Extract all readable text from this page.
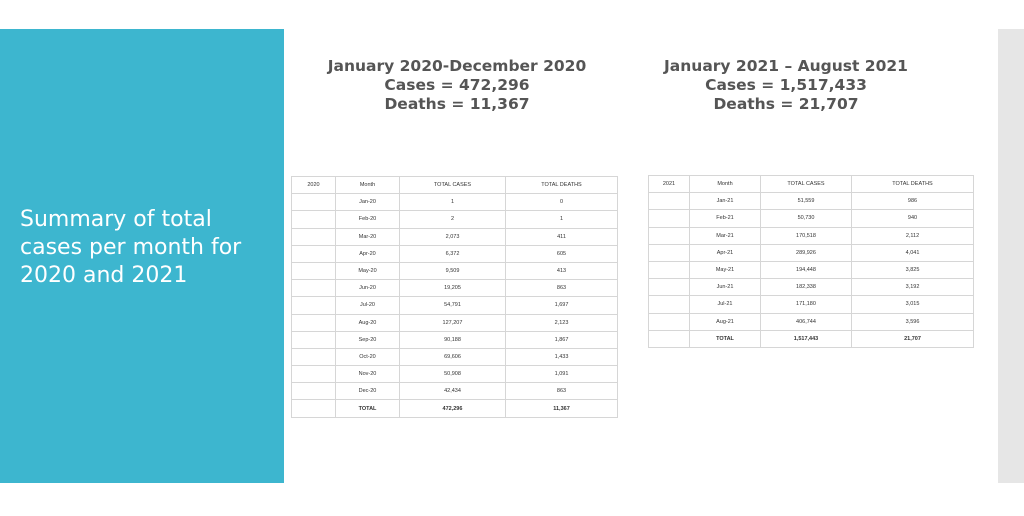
Summary of total
cases per month for
2020 and 2021
January 2020-December 2020
Cases = 472,296
Deaths = 11,367
January 2021 – August 2021
Cases = 1,517,433
Deaths = 21,707
2020	Month	TOTAL CASES	TOTAL DEATHS
	Jan-20	1	0
	Feb-20	2	1
	Mar-20	2,073	411
	Apr-20	6,372	605
	May-20	9,509	413
	Jun-20	19,205	863
	Jul-20	54,791	1,697
	Aug-20	127,207	2,123
	Sep-20	90,188	1,867
	Oct-20	69,606	1,433
	Nov-20	50,908	1,091
	Dec-20	42,434	863
	TOTAL	472,296	11,367
2021	Month	TOTAL CASES	TOTAL DEATHS
	Jan-21	51,559	986
	Feb-21	50,730	940
	Mar-21	170,518	2,112
	Apr-21	289,926	4,041
	May-21	194,448	3,825
	Jun-21	182,338	3,192
	Jul-21	171,180	3,015
	Aug-21	406,744	3,596
	TOTAL	1,517,443	21,707
